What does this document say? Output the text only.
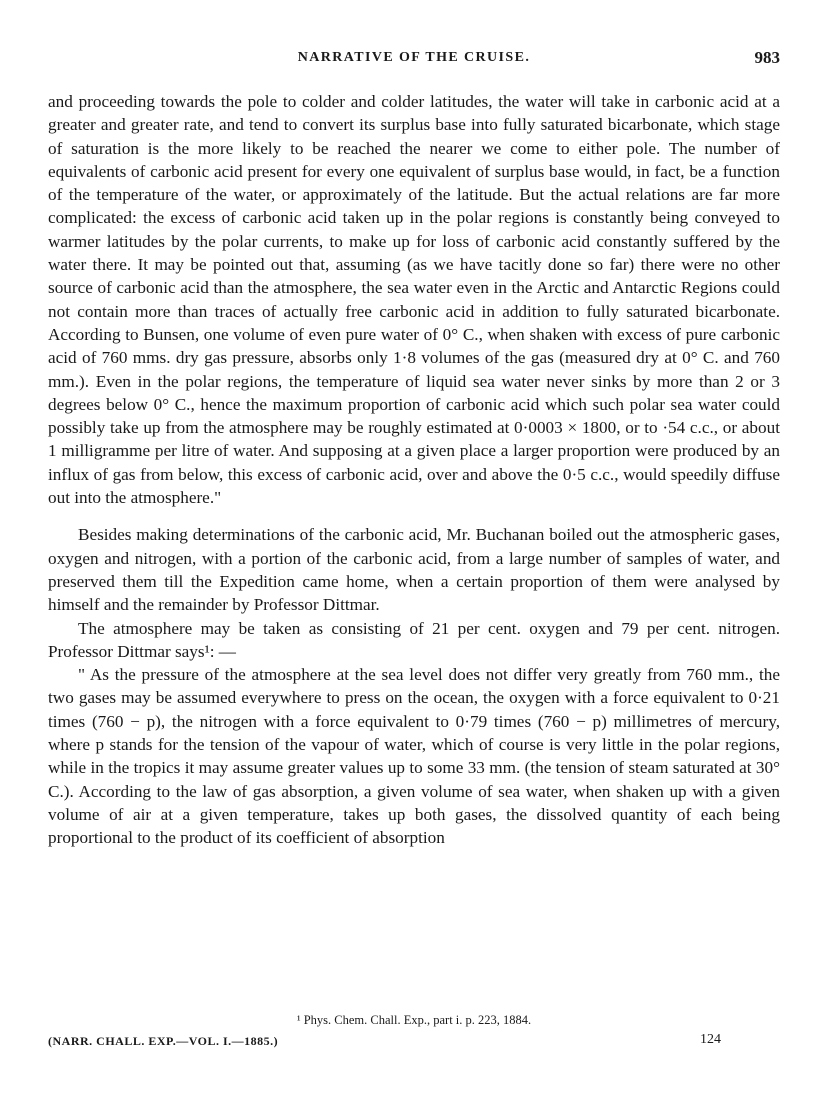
NARRATIVE OF THE CRUISE.	983

and proceeding towards the pole to colder and colder latitudes, the water will take in carbonic acid at a greater and greater rate, and tend to convert its surplus base into fully saturated bicarbonate, which stage of saturation is the more likely to be reached the nearer we come to either pole. The number of equivalents of carbonic acid present for every one equivalent of surplus base would, in fact, be a function of the temperature of the water, or approximately of the latitude. But the actual relations are far more complicated: the excess of carbonic acid taken up in the polar regions is constantly being conveyed to warmer latitudes by the polar currents, to make up for loss of carbonic acid constantly suffered by the water there. It may be pointed out that, assuming (as we have tacitly done so far) there were no other source of carbonic acid than the atmosphere, the sea water even in the Arctic and Antarctic Regions could not contain more than traces of actually free carbonic acid in addition to fully saturated bicarbonate. According to Bunsen, one volume of even pure water of 0° C., when shaken with excess of pure carbonic acid of 760 mms. dry gas pressure, absorbs only 1·8 volumes of the gas (measured dry at 0° C. and 760 mm.). Even in the polar regions, the temperature of liquid sea water never sinks by more than 2 or 3 degrees below 0° C., hence the maximum proportion of carbonic acid which such polar sea water could possibly take up from the atmosphere may be roughly estimated at 0·0003 × 1800, or to ·54 c.c., or about 1 milligramme per litre of water. And supposing at a given place a larger proportion were produced by an influx of gas from below, this excess of carbonic acid, over and above the 0·5 c.c., would speedily diffuse out into the atmosphere."

Besides making determinations of the carbonic acid, Mr. Buchanan boiled out the atmospheric gases, oxygen and nitrogen, with a portion of the carbonic acid, from a large number of samples of water, and preserved them till the Expedition came home, when a certain proportion of them were analysed by himself and the remainder by Professor Dittmar.

The atmosphere may be taken as consisting of 21 per cent. oxygen and 79 per cent. nitrogen. Professor Dittmar says¹: —

" As the pressure of the atmosphere at the sea level does not differ very greatly from 760 mm., the two gases may be assumed everywhere to press on the ocean, the oxygen with a force equivalent to 0·21 times (760 − p), the nitrogen with a force equivalent to 0·79 times (760 − p) millimetres of mercury, where p stands for the tension of the vapour of water, which of course is very little in the polar regions, while in the tropics it may assume greater values up to some 33 mm. (the tension of steam saturated at 30° C.). According to the law of gas absorption, a given volume of sea water, when shaken up with a given volume of air at a given temperature, takes up both gases, the dissolved quantity of each being proportional to the product of its coefficient of absorption

¹ Phys. Chem. Chall. Exp., part i. p. 223, 1884.
(NARR. CHALL. EXP.—VOL. I.—1885.)	124
